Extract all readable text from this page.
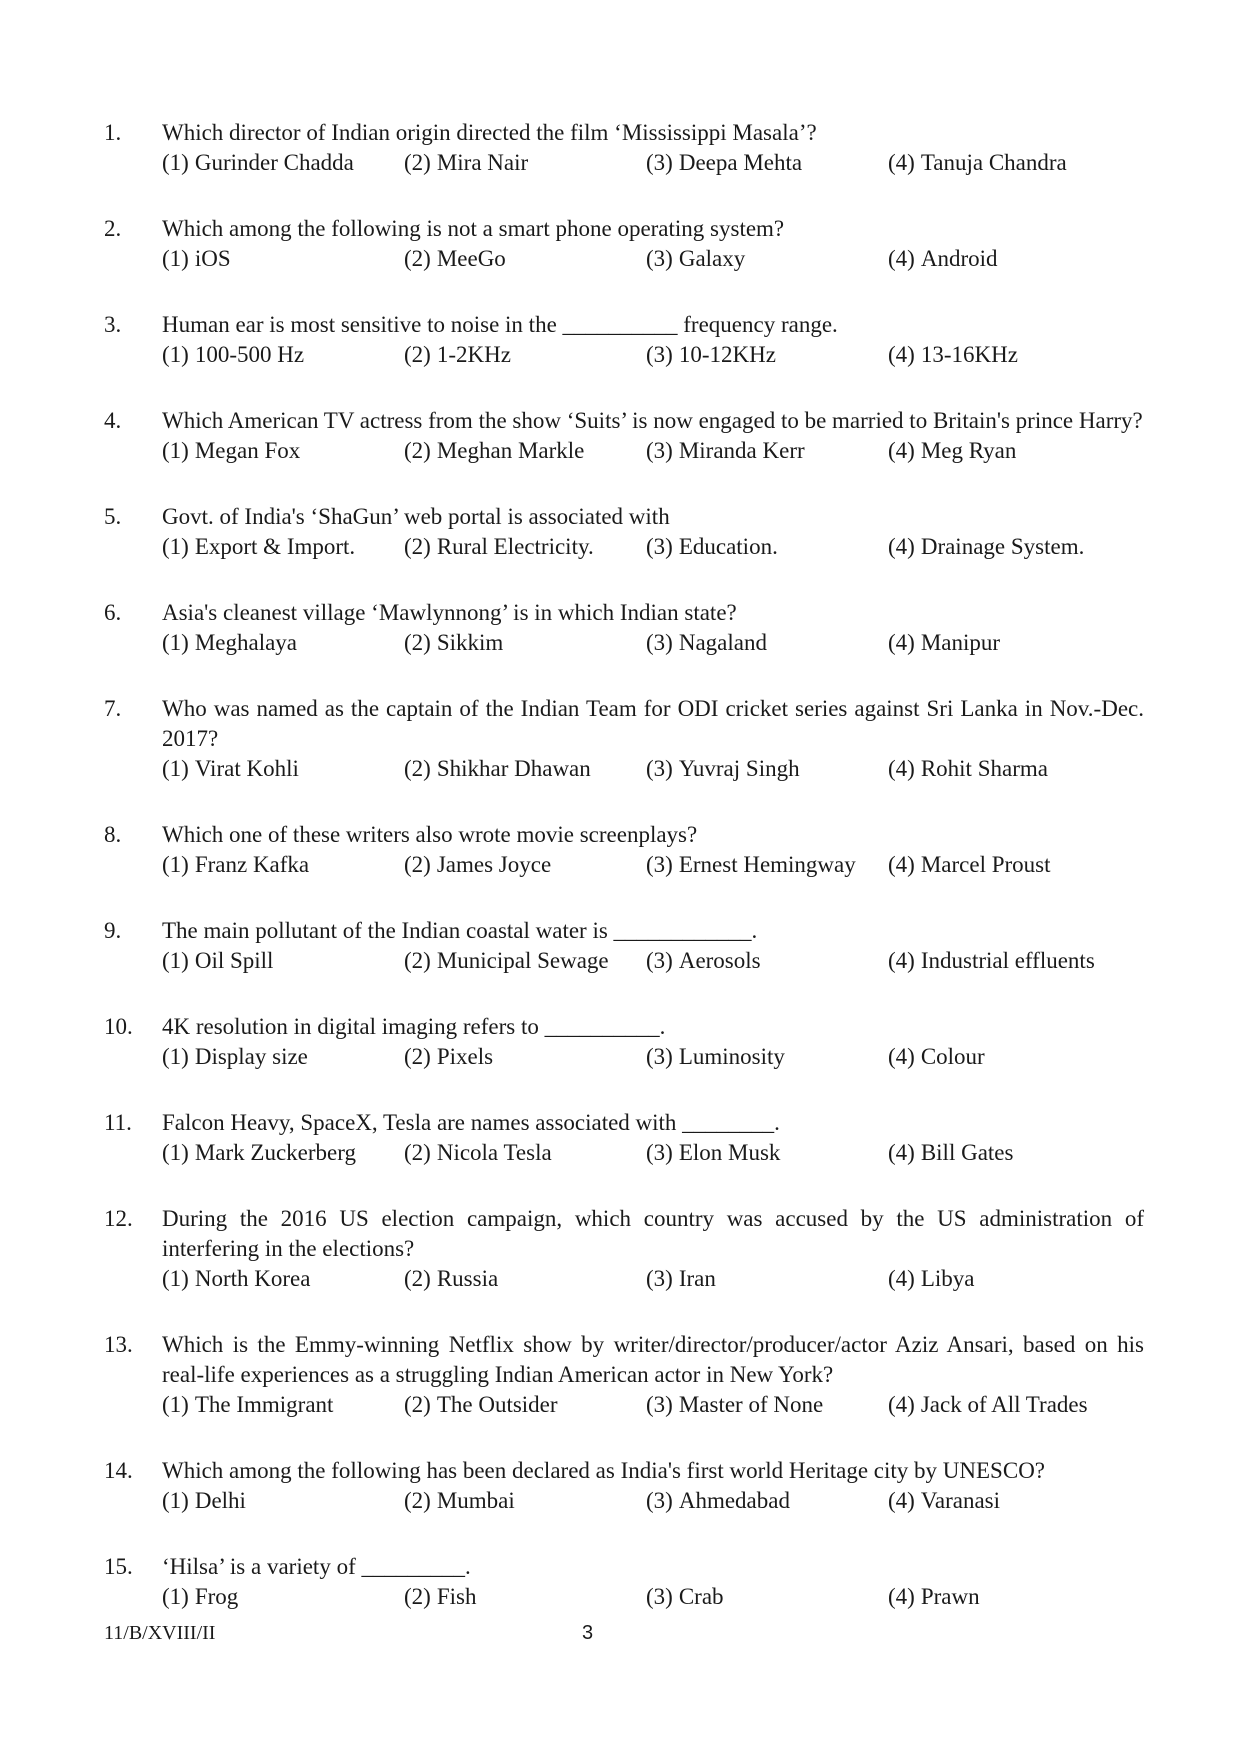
1.	Which director of Indian origin directed the film ‘Mississippi Masala’?
(1) Gurinder Chadda (2) Mira Nair	(3) Deepa Mehta	(4) Tanuja Chandra
2.	Which among the following is not a smart phone operating system?
(1) iOS	(2) MeeGo	(3) Galaxy	(4) Android
3.	Human ear is most sensitive to noise in the __________ frequency range.
(1) 100-500 Hz	(2) 1-2KHz	(3) 10-12KHz	(4) 13-16KHz
4.	Which American TV actress from the show ‘Suits’ is now engaged to be married to Britain's prince Harry?
(1) Megan Fox	(2) Meghan Markle	(3) Miranda Kerr	(4) Meg Ryan
5.	Govt. of India's ‘ShaGun’ web portal is associated with
(1) Export & Import. (2) Rural Electricity. (3) Education.	(4) Drainage System.
6.	Asia's cleanest village ‘Mawlynnong’ is in which Indian state?
(1) Meghalaya	(2) Sikkim	(3) Nagaland	(4) Manipur
7.	Who was named as the captain of the Indian Team for ODI cricket series against Sri Lanka in Nov.-Dec. 2017?
(1) Virat Kohli	(2) Shikhar Dhawan (3) Yuvraj Singh	(4) Rohit Sharma
8.	Which one of these writers also wrote movie screenplays?
(1) Franz Kafka	(2) James Joyce	(3) Ernest Hemingway (4) Marcel Proust
9.	The main pollutant of the Indian coastal water is ____________.
(1) Oil Spill	(2) Municipal Sewage (3) Aerosols	(4) Industrial effluents
10.	4K resolution in digital imaging refers to __________.
(1) Display size	(2) Pixels	(3) Luminosity	(4) Colour
11.	Falcon Heavy, SpaceX, Tesla are names associated with ________.
(1) Mark Zuckerberg (2) Nicola Tesla	(3) Elon Musk	(4) Bill Gates
12.	During the 2016 US election campaign, which country was accused by the US administration of interfering in the elections?
(1) North Korea	(2) Russia	(3) Iran	(4) Libya
13.	Which is the Emmy-winning Netflix show by writer/director/producer/actor Aziz Ansari, based on his real-life experiences as a struggling Indian American actor in New York?
(1) The Immigrant	(2) The Outsider	(3) Master of None	(4) Jack of All Trades
14.	Which among the following has been declared as India's first world Heritage city by UNESCO?
(1) Delhi	(2) Mumbai	(3) Ahmedabad	(4) Varanasi
15.	‘Hilsa’ is a variety of _________.
(1) Frog	(2) Fish	(3) Crab	(4) Prawn
11/B/XVIII/II	3
